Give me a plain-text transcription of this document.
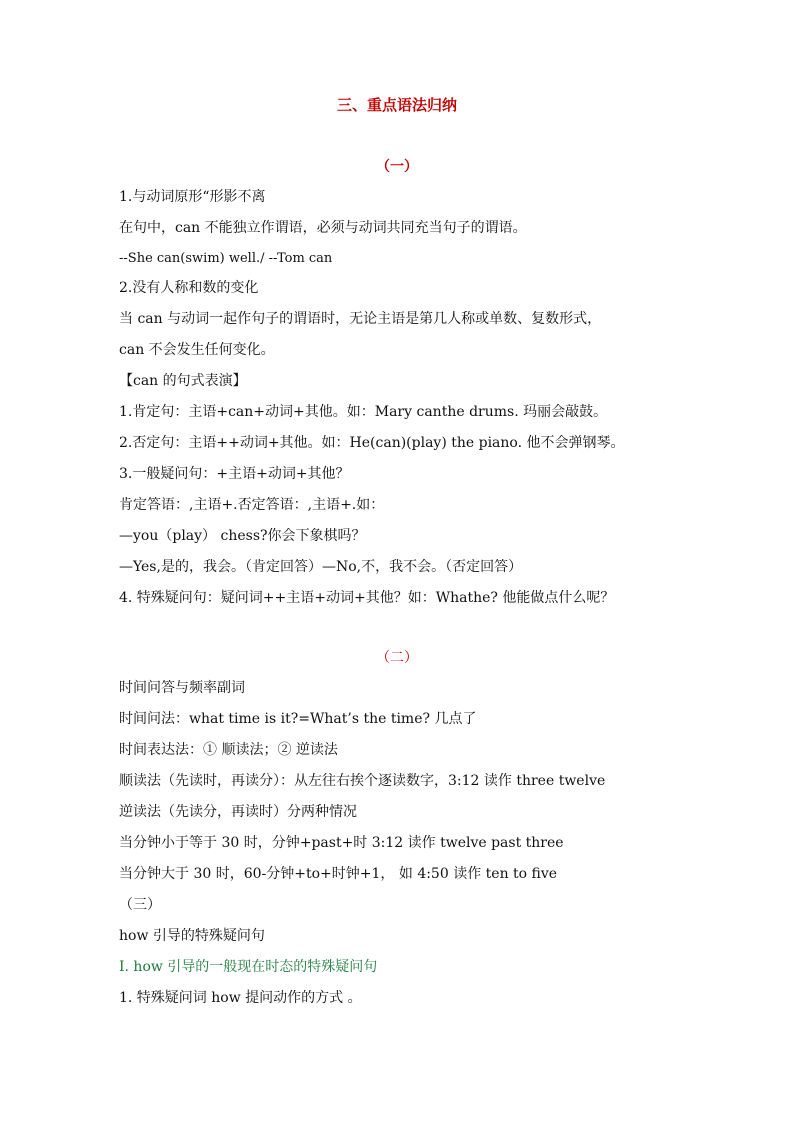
三、重点语法归纳
（一）
1.与动词原形“形影不离
在句中，can 不能独立作谓语，必须与动词共同充当句子的谓语。
--She can(swim) well./ --Tom can
2.没有人称和数的变化
当 can 与动词一起作句子的谓语时，无论主语是第几人称或单数、复数形式，
can 不会发生任何变化。
【can 的句式表演】
1.肯定句：主语+can+动词+其他。如：Mary canthe drums. 玛丽会敲鼓。
2.否定句：主语++动词+其他。如：He(can)(play) the piano. 他不会弹钢琴。
3.一般疑问句：+主语+动词+其他？
肯定答语：,主语+.否定答语：,主语+.如：
—you（play） chess?你会下象棋吗？
—Yes,是的，我会。（肯定回答）—No,不，我不会。（否定回答）
4. 特殊疑问句：疑问词++主语+动词+其他？如：Whathe? 他能做点什么呢？
（二）
时间问答与频率副词
时间问法：what time is it?=What’s the time? 几点了
时间表达法：① 顺读法；② 逆读法
顺读法（先读时，再读分）：从左往右挨个逐读数字，3:12 读作 three twelve
逆读法（先读分，再读时）分两种情况
当分钟小于等于 30 时，分钟+past+时 3:12 读作 twelve past three
当分钟大于 30 时，60-分钟+to+时钟+1， 如 4:50 读作 ten to five
（三）
how 引导的特殊疑问句
Ⅰ. how 引导的一般现在时态的特殊疑问句
1. 特殊疑问词 how 提问动作的方式 。
